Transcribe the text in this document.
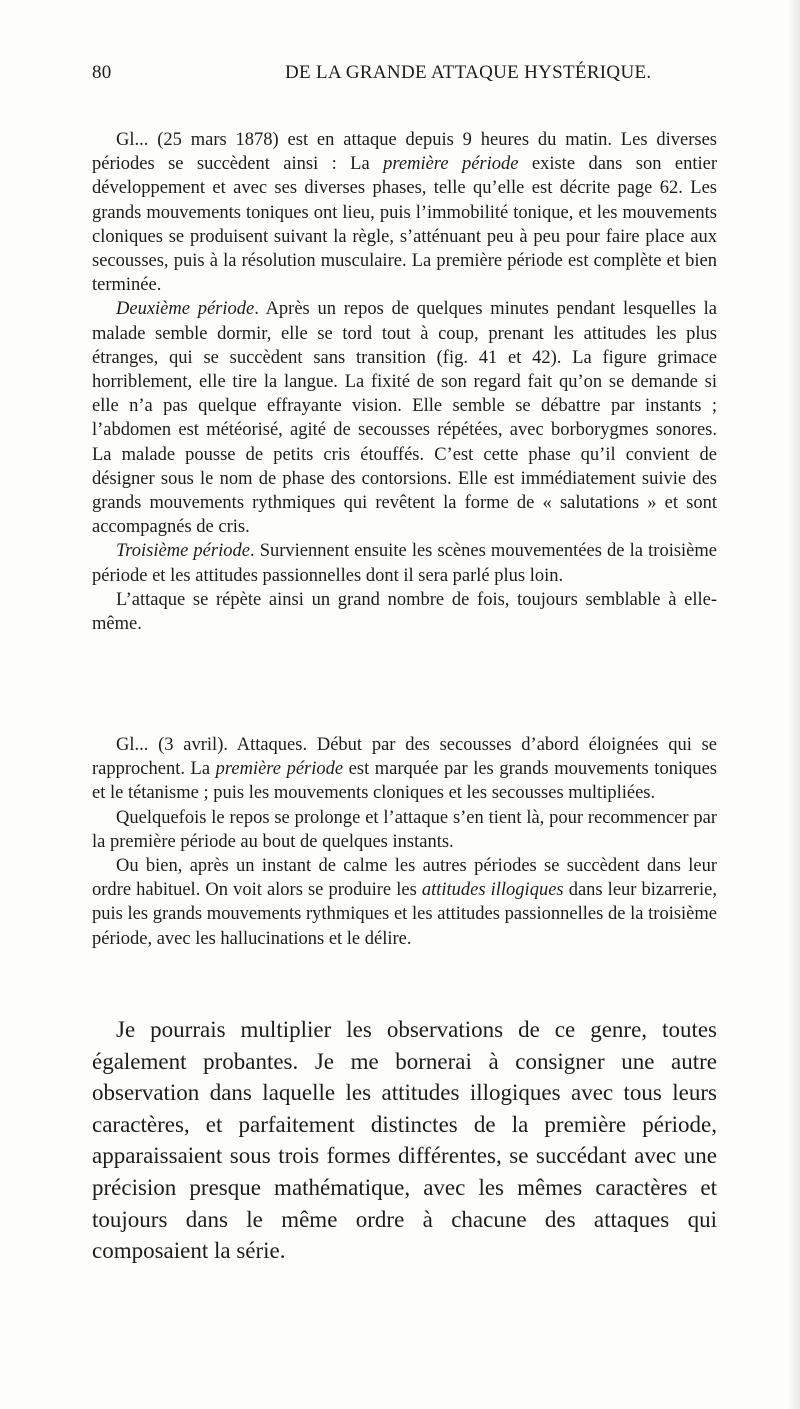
80	DE LA GRANDE ATTAQUE HYSTÉRIQUE.

Gl... (25 mars 1878) est en attaque depuis 9 heures du matin. Les diverses périodes se succèdent ainsi : La première période existe dans son entier développement et avec ses diverses phases, telle qu’elle est décrite page 62. Les grands mouvements toniques ont lieu, puis l’immobilité tonique, et les mouvements cloniques se produisent suivant la règle, s’atténuant peu à peu pour faire place aux secousses, puis à la résolution musculaire. La première période est complète et bien terminée.

Deuxième période. Après un repos de quelques minutes pendant lesquelles la malade semble dormir, elle se tord tout à coup, prenant les attitudes les plus étranges, qui se succèdent sans transition (fig. 41 et 42). La figure grimace horriblement, elle tire la langue. La fixité de son regard fait qu’on se demande si elle n’a pas quelque effrayante vision. Elle semble se débattre par instants ; l’abdomen est météorisé, agité de secousses répétées, avec borborygmes sonores. La malade pousse de petits cris étouffés. C’est cette phase qu’il convient de désigner sous le nom de phase des contorsions. Elle est immédiatement suivie des grands mouvements rythmiques qui revêtent la forme de « salutations » et sont accompagnés de cris.

Troisième période. Surviennent ensuite les scènes mouvementées de la troisième période et les attitudes passionnelles dont il sera parlé plus loin.

L’attaque se répète ainsi un grand nombre de fois, toujours semblable à elle-même.

Gl... (3 avril). Attaques. Début par des secousses d’abord éloignées qui se rapprochent. La première période est marquée par les grands mouvements toniques et le tétanisme ; puis les mouvements cloniques et les secousses multipliées.

Quelquefois le repos se prolonge et l’attaque s’en tient là, pour recommencer par la première période au bout de quelques instants.

Ou bien, après un instant de calme les autres périodes se succèdent dans leur ordre habituel. On voit alors se produire les attitudes illogiques dans leur bizarrerie, puis les grands mouvements rythmiques et les attitudes passionnelles de la troisième période, avec les hallucinations et le délire.

Je pourrais multiplier les observations de ce genre, toutes également probantes. Je me bornerai à consigner une autre observation dans laquelle les attitudes illogiques avec tous leurs caractères, et parfaitement distinctes de la première période, apparaissaient sous trois formes différentes, se succédant avec une précision presque mathématique, avec les mêmes caractères et toujours dans le même ordre à chacune des attaques qui composaient la série.
